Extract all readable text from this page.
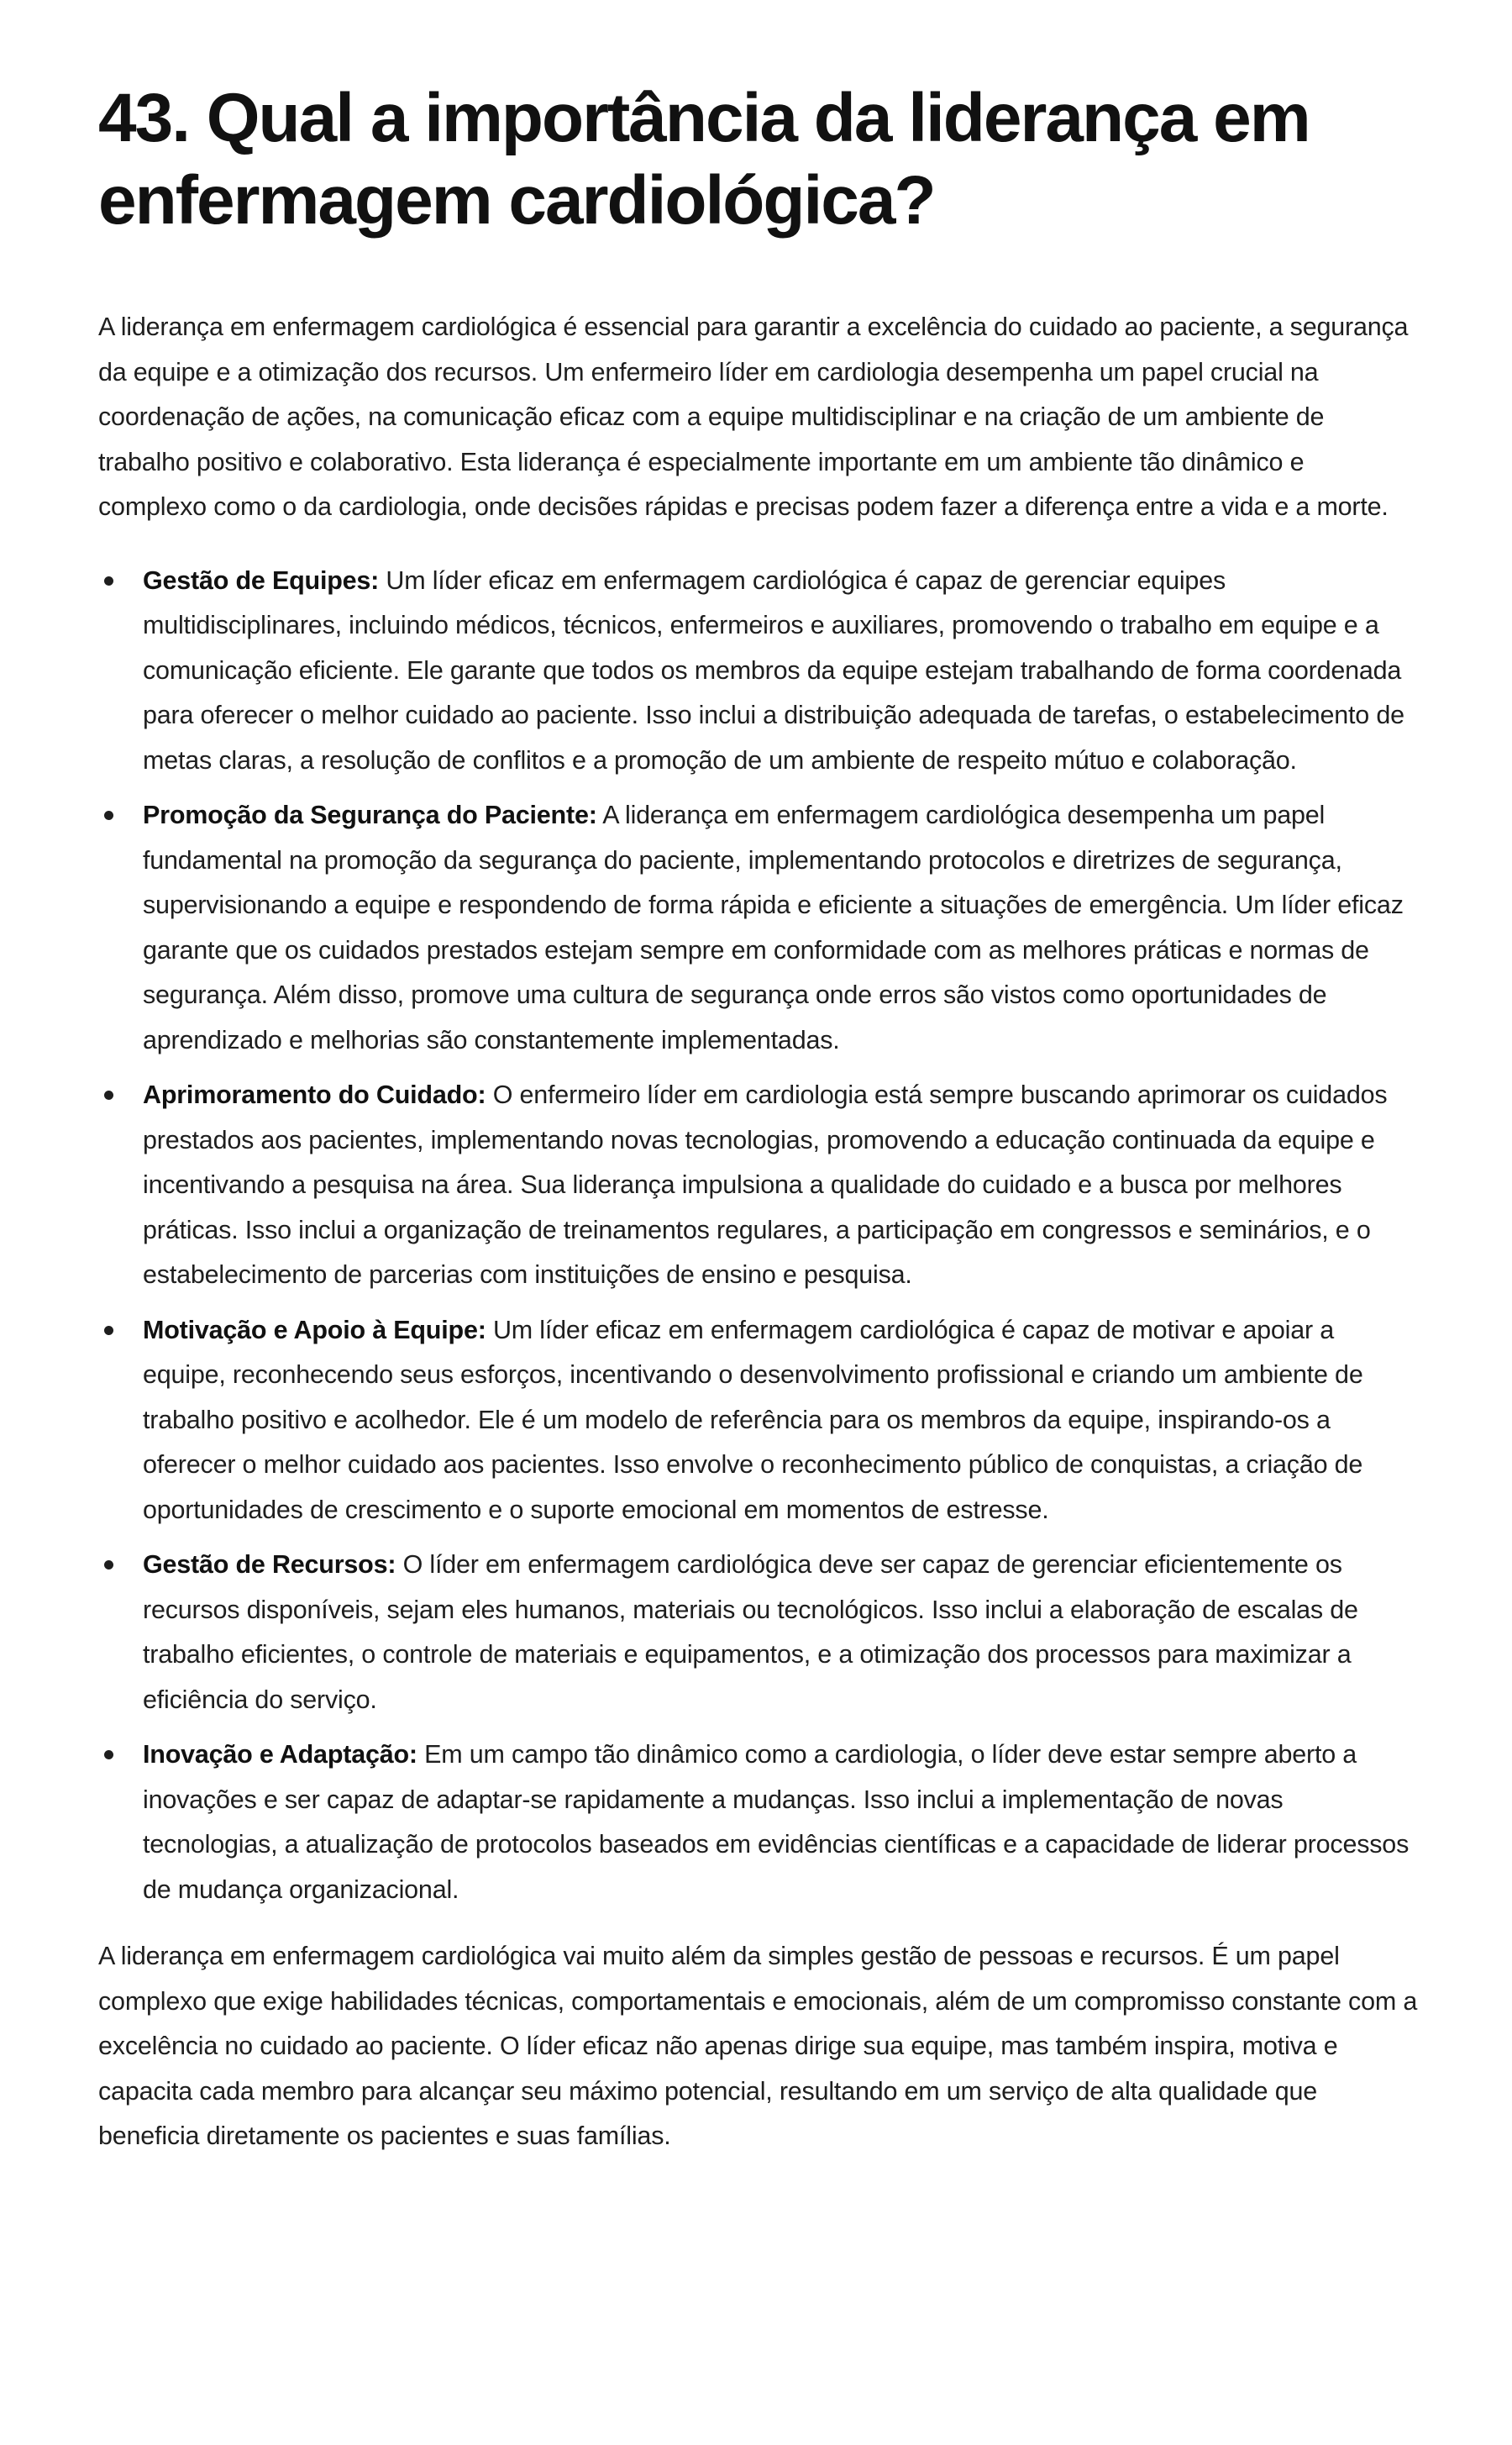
43. Qual a importância da liderança em enfermagem cardiológica?

A liderança em enfermagem cardiológica é essencial para garantir a excelência do cuidado ao paciente, a segurança da equipe e a otimização dos recursos. Um enfermeiro líder em cardiologia desempenha um papel crucial na coordenação de ações, na comunicação eficaz com a equipe multidisciplinar e na criação de um ambiente de trabalho positivo e colaborativo. Esta liderança é especialmente importante em um ambiente tão dinâmico e complexo como o da cardiologia, onde decisões rápidas e precisas podem fazer a diferença entre a vida e a morte.

Gestão de Equipes: Um líder eficaz em enfermagem cardiológica é capaz de gerenciar equipes multidisciplinares, incluindo médicos, técnicos, enfermeiros e auxiliares, promovendo o trabalho em equipe e a comunicação eficiente. Ele garante que todos os membros da equipe estejam trabalhando de forma coordenada para oferecer o melhor cuidado ao paciente. Isso inclui a distribuição adequada de tarefas, o estabelecimento de metas claras, a resolução de conflitos e a promoção de um ambiente de respeito mútuo e colaboração.
Promoção da Segurança do Paciente: A liderança em enfermagem cardiológica desempenha um papel fundamental na promoção da segurança do paciente, implementando protocolos e diretrizes de segurança, supervisionando a equipe e respondendo de forma rápida e eficiente a situações de emergência. Um líder eficaz garante que os cuidados prestados estejam sempre em conformidade com as melhores práticas e normas de segurança. Além disso, promove uma cultura de segurança onde erros são vistos como oportunidades de aprendizado e melhorias são constantemente implementadas.
Aprimoramento do Cuidado: O enfermeiro líder em cardiologia está sempre buscando aprimorar os cuidados prestados aos pacientes, implementando novas tecnologias, promovendo a educação continuada da equipe e incentivando a pesquisa na área. Sua liderança impulsiona a qualidade do cuidado e a busca por melhores práticas. Isso inclui a organização de treinamentos regulares, a participação em congressos e seminários, e o estabelecimento de parcerias com instituições de ensino e pesquisa.
Motivação e Apoio à Equipe: Um líder eficaz em enfermagem cardiológica é capaz de motivar e apoiar a equipe, reconhecendo seus esforços, incentivando o desenvolvimento profissional e criando um ambiente de trabalho positivo e acolhedor. Ele é um modelo de referência para os membros da equipe, inspirando-os a oferecer o melhor cuidado aos pacientes. Isso envolve o reconhecimento público de conquistas, a criação de oportunidades de crescimento e o suporte emocional em momentos de estresse.
Gestão de Recursos: O líder em enfermagem cardiológica deve ser capaz de gerenciar eficientemente os recursos disponíveis, sejam eles humanos, materiais ou tecnológicos. Isso inclui a elaboração de escalas de trabalho eficientes, o controle de materiais e equipamentos, e a otimização dos processos para maximizar a eficiência do serviço.
Inovação e Adaptação: Em um campo tão dinâmico como a cardiologia, o líder deve estar sempre aberto a inovações e ser capaz de adaptar-se rapidamente a mudanças. Isso inclui a implementação de novas tecnologias, a atualização de protocolos baseados em evidências científicas e a capacidade de liderar processos de mudança organizacional.

A liderança em enfermagem cardiológica vai muito além da simples gestão de pessoas e recursos. É um papel complexo que exige habilidades técnicas, comportamentais e emocionais, além de um compromisso constante com a excelência no cuidado ao paciente. O líder eficaz não apenas dirige sua equipe, mas também inspira, motiva e capacita cada membro para alcançar seu máximo potencial, resultando em um serviço de alta qualidade que beneficia diretamente os pacientes e suas famílias.
